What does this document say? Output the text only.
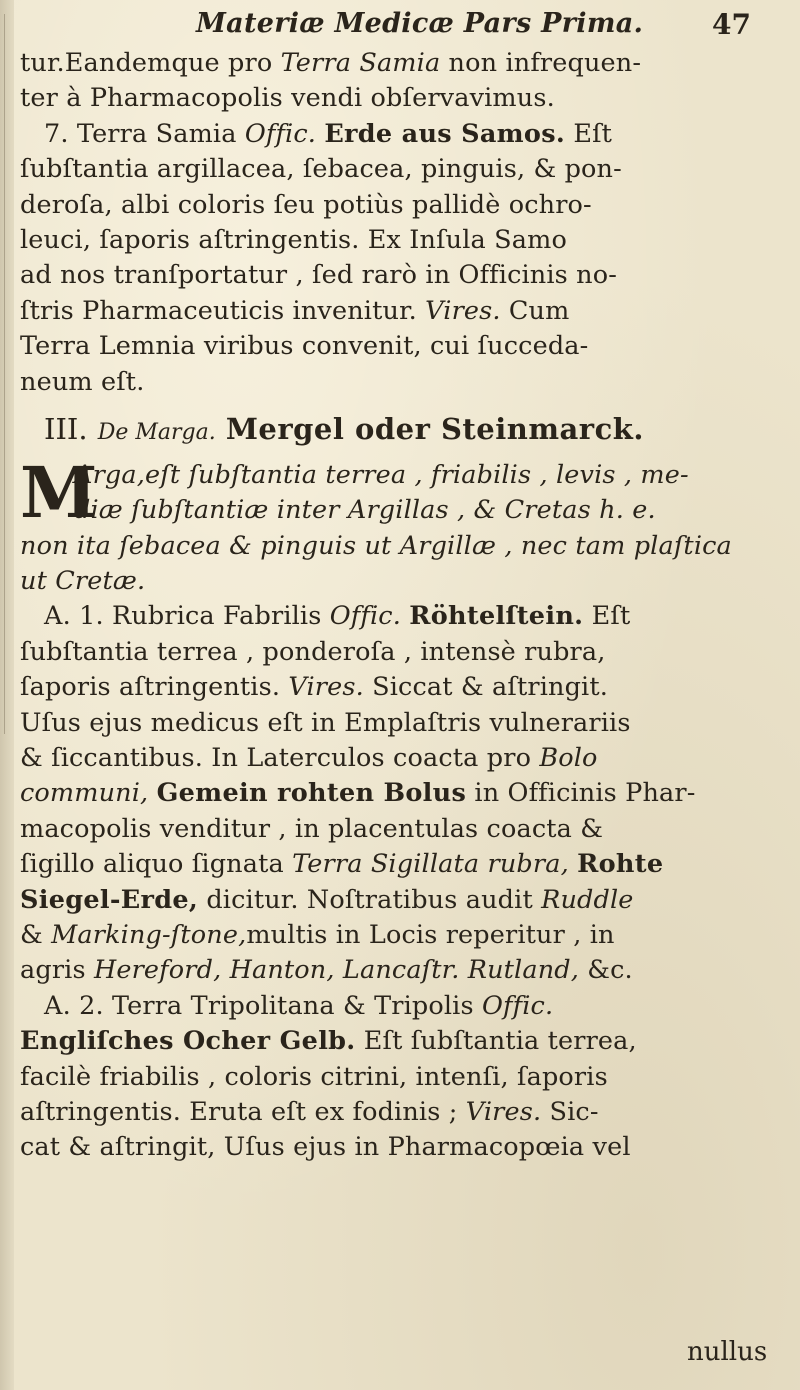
Materiæ Medicæ Pars Prima. 47
tur.Eandemque pro Terra Samia non infrequen-
ter à Pharmacopolis vendi obſervavimus.
7. Terra Samia Offic. Erde aus Samos. Eſt
ſubſtantia argillacea, ſebacea, pinguis, & pon-
deroſa, albi coloris ſeu potiùs pallidè ochro-
leuci, ſaporis aſtringentis. Ex Inſula Samo
ad nos tranſportatur , ſed rarò in Officinis no-
ſtris Pharmaceuticis invenitur. Vires. Cum
Terra Lemnia viribus convenit, cui ſucceda-
neum eſt.
III. De Marga. Mergel oder Steinmarck.
M
Arga,eſt ſubſtantia terrea , friabilis , levis , me-
diæ ſubſtantiæ inter Argillas , & Cretas h. e.
non ita ſebacea & pinguis ut Argillæ , nec tam plaſtica
ut Cretæ.
A. 1. Rubrica Fabrilis Offic. Röhtelſtein. Eſt
ſubſtantia terrea , ponderoſa , intensè rubra,
ſaporis aſtringentis. Vires. Siccat & aſtringit.
Uſus ejus medicus eſt in Emplaſtris vulnerariis
& ſiccantibus. In Laterculos coacta pro Bolo
communi, Gemein rohten Bolus in Officinis Phar-
macopolis venditur , in placentulas coacta &
ſigillo aliquo ſignata Terra Sigillata rubra, Rohte
Siegel-Erde, dicitur. Noſtratibus audit Ruddle
& Marking-ſtone,multis in Locis reperitur , in
agris Hereford, Hanton, Lancaſtr. Rutland, &c.
A. 2. Terra Tripolitana & Tripolis Offic.
Engliſches Ocher Gelb. Eſt ſubſtantia terrea,
facilè friabilis , coloris citrini, intenſi, ſaporis
aſtringentis. Eruta eſt ex fodinis ; Vires. Sic-
cat & aſtringit, Uſus ejus in Pharmacopœia vel
nullus
